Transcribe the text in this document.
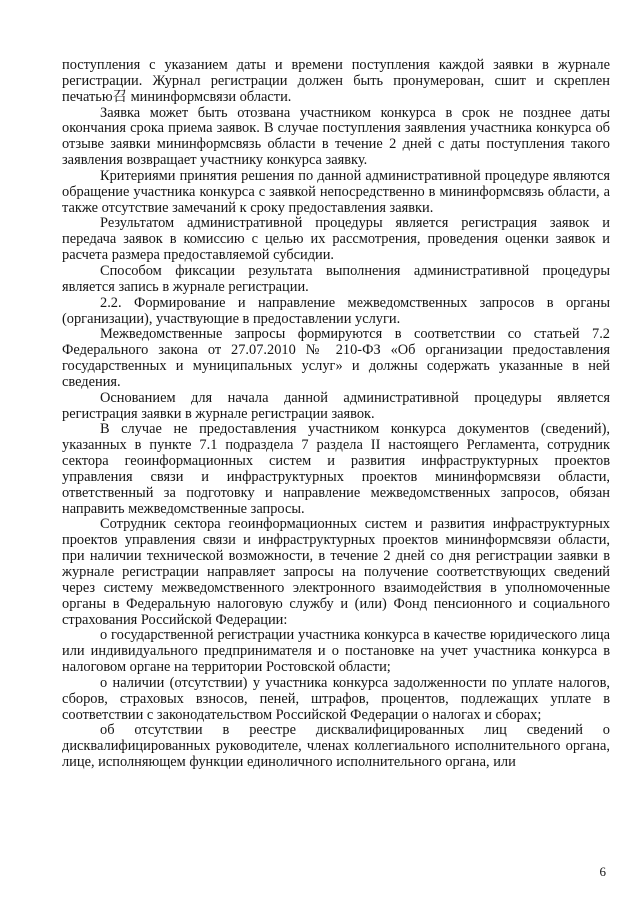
поступления с указанием даты и времени поступления каждой заявки в журнале регистрации. Журнал регистрации должен быть пронумерован, сшит и скреплен печатью召 мининформсвязи области.

Заявка может быть отозвана участником конкурса в срок не позднее даты окончания срока приема заявок. В случае поступления заявления участника конкурса об отзыве заявки мининформсвязь области в течение 2 дней с даты поступления такого заявления возвращает участнику конкурса заявку.

Критериями принятия решения по данной административной процедуре являются обращение участника конкурса с заявкой непосредственно в мининформсвязь области, а также отсутствие замечаний к сроку предоставления заявки.

Результатом административной процедуры является регистрация заявок и передача заявок в комиссию с целью их рассмотрения, проведения оценки заявок и расчета размера предоставляемой субсидии.

Способом фиксации результата выполнения административной процедуры является запись в журнале регистрации.

2.2. Формирование и направление межведомственных запросов в органы (организации), участвующие в предоставлении услуги.

Межведомственные запросы формируются в соответствии со статьей 7.2 Федерального закона от 27.07.2010 № 210-ФЗ «Об организации предоставления государственных и муниципальных услуг» и должны содержать указанные в ней сведения.

Основанием для начала данной административной процедуры является регистрация заявки в журнале регистрации заявок.

В случае не предоставления участником конкурса документов (сведений), указанных в пункте 7.1 подраздела 7 раздела II настоящего Регламента, сотрудник сектора геоинформационных систем и развития инфраструктурных проектов управления связи и инфраструктурных проектов мининформсвязи области, ответственный за подготовку и направление межведомственных запросов, обязан направить межведомственные запросы.

Сотрудник сектора геоинформационных систем и развития инфраструктурных проектов управления связи и инфраструктурных проектов мининформсвязи области, при наличии технической возможности, в течение 2 дней со дня регистрации заявки в журнале регистрации направляет запросы на получение соответствующих сведений через систему межведомственного электронного взаимодействия в уполномоченные органы в Федеральную налоговую службу и (или) Фонд пенсионного и социального страхования Российской Федерации:

о государственной регистрации участника конкурса в качестве юридического лица или индивидуального предпринимателя и о постановке на учет участника конкурса в налоговом органе на территории Ростовской области;

о наличии (отсутствии) у участника конкурса задолженности по уплате налогов, сборов, страховых взносов, пеней, штрафов, процентов, подлежащих уплате в соответствии с законодательством Российской Федерации о налогах и сборах;

об отсутствии в реестре дисквалифицированных лиц сведений о дисквалифицированных руководителе, членах коллегиального исполнительного органа, лице, исполняющем функции единоличного исполнительного органа, или

6
